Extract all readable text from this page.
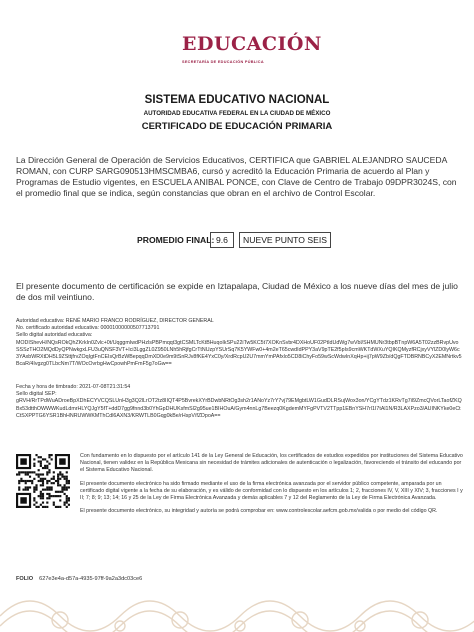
EDUCACIÓN
SECRETARÍA DE EDUCACIÓN PÚBLICA
SISTEMA EDUCATIVO NACIONAL
AUTORIDAD EDUCATIVA FEDERAL EN LA CIUDAD DE MÉXICO
CERTIFICADO DE EDUCACIÓN PRIMARIA
La Dirección General de Operación de Servicios Educativos, CERTIFICA que GABRIEL ALEJANDRO SAUCEDA ROMAN, con CURP SARG090513HMSCMBA6, cursó y acreditó la Educación Primaria de acuerdo al Plan y Programas de Estudio vigentes, en ESCUELA ANIBAL PONCE, con Clave de Centro de Trabajo 09DPR3024S, con el promedio final que se indica, según constancias que obran en el archivo de Control Escolar.
PROMEDIO FINAL: 9.6	NUEVE PUNTO SEIS
El presente documento de certificación se expide en Iztapalapa, Ciudad de México a los nueve días del mes de julio de dos mil veintiuno.
Autoridad educativa: RENÉ MARIO FRANCO RODRÍGUEZ, DIRECTOR GENERAL
No. certificado autoridad educativa: 00001000000507713791
Sello digital autoridad educativa:
MODIShevH/NQsROkQhZKrkIn0Zvlc+0t/UqggmIwdPHzlsPBPmqqt3gtCSMLTcKtBHuqoIkSPu22iTw5KC5t7XOKnSvbr4DXHoUF02PtIdUdWg7wVbl/SHMUNr3tbpBTnpW6A5T02zzBRvpUvoSSSzTHO2MQdDyQPNwkgxLFU3uQNSF3VT+Ici3LggZL0Z950LNh5hRjfgCrTtNUzpYSUrSq7K5YWFw0+4m2eT65cwdIdPPY3aV9pTE2f5pIs9cmWKTdWXuYQIKQMyzfRCjxyVYlZD0lyW6c3YAxbWRXtDH5L9ZSttjfrvZOqIgtFnCEIsQrBzWBepqqDmXD0e9m9tSnRJv8fKE4YxC0y/XrdRcpU2U7mmYmPAfxlo5CD8iChyFo59wScWdwInXqHp+ij7pW9Zb/dQgFTDBRNBCyX2EMNrtkv5BcaR/4Ivgzg0TLbcNm7T/WOcOvrbgHwCpowhPmFmF5g7oGw==
Fecha y hora de timbrado: 2021-07-08T21:31:54
Sello digital SEP:
gRVH/RrTPdWuADroeBpXDhECYVCQSLUnH3g3Q2lLrOT2tz8IIQT4P5BvrekXYrBDwbNRtOg3sh2r1ANoYz7rY7vj79EMgbtLW1GudDLRSujWox3on/YCgYTdz1KRvTg7il9ZmcQVorLTaofZKQBx53dtthOWWWKudLdmrHLYQJgY5fT+ddD7gg9fnnd3b0YhGpDHUKsfmSl2g95ue1BIHOuA/Gym4nnLg7Beezq0KgdemMYFgPVTV2TTpp1EBnYSH7rl1I7tAl1N/R3LAXPzo3/AUINKYke0eCtCtSXPPTG6YSR1BhHNRUWWKMThCdl6AXN3/KRWTLB0Gqg0kBe/rHspV/fZDpoA==

Con fundamento en lo dispuesto por el artículo 141 de la Ley General de Educación, los certificados de estudios expedidos por instituciones del Sistema Educativo Nacional, tienen validez en la República Mexicana sin necesidad de trámites adicionales de autenticación o legalización, favoreciendo el tránsito del educando por el Sistema Educativo Nacional.

El presente documento electrónico ha sido firmado mediante el uso de la firma electrónica avanzada por el servidor público competente, amparada por un certificado digital vigente a la fecha de su elaboración, y es válido de conformidad con lo dispuesto en los artículos 1; 2, fracciones IV, V, XIII y XIV; 3, fracciones I y II; 7; 8; 9; 13; 14; 16 y 25 de la Ley de Firma Electrónica Avanzada y demás aplicables 7 y 12 del Reglamento de la Ley de Firma Electrónica Avanzada.

El presente documento electrónico, su integridad y autoría se podrá comprobar en: www.controlescolar.aefcm.gob.mx/valida o por medio del código QR.

FOLIO 627e3e4a-d57a-4935-97ff-9a2a3dc03ce6
